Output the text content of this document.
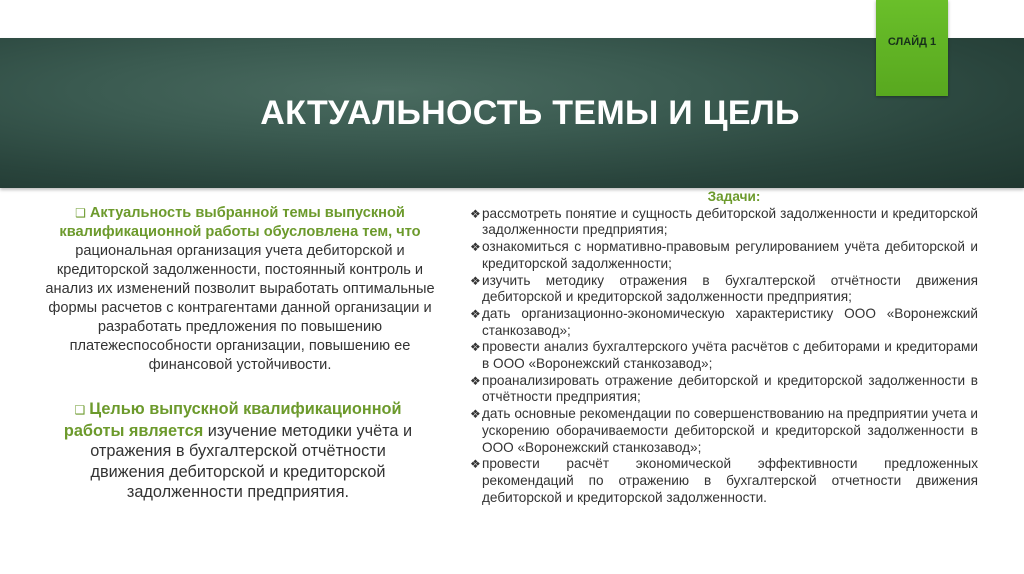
АКТУАЛЬНОСТЬ ТЕМЫ И ЦЕЛЬ
СЛАЙД 1
❑ Актуальность выбранной темы выпускной квалификационной работы обусловлена тем, что рациональная организация учета дебиторской и кредиторской задолженности, постоянный контроль и анализ их изменений позволит выработать оптимальные формы расчетов с контрагентами данной организации и разработать предложения по повышению платежеспособности организации, повышению ее финансовой устойчивости.
❑ Целью выпускной квалификационной работы является изучение методики учёта и отражения в бухгалтерской отчётности движения дебиторской и кредиторской задолженности предприятия.
Задачи:
❖ рассмотреть понятие и сущность дебиторской задолженности и кредиторской задолженности предприятия;
❖ ознакомиться с нормативно-правовым регулированием учёта дебиторской и кредиторской задолженности;
❖ изучить методику отражения в бухгалтерской отчётности движения дебиторской и кредиторской задолженности предприятия;
❖ дать организационно-экономическую характеристику ООО «Воронежский станкозавод»;
❖ провести анализ бухгалтерского учёта расчётов с дебиторами и кредиторами в ООО «Воронежский станкозавод»;
❖ проанализировать отражение дебиторской и кредиторской задолженности в отчётности предприятия;
❖ дать основные рекомендации по совершенствованию на предприятии учета и ускорению оборачиваемости дебиторской и кредиторской задолженности в ООО «Воронежский станкозавод»;
❖ провести расчёт экономической эффективности предложенных рекомендаций по отражению в бухгалтерской отчетности движения дебиторской и кредиторской задолженности.
